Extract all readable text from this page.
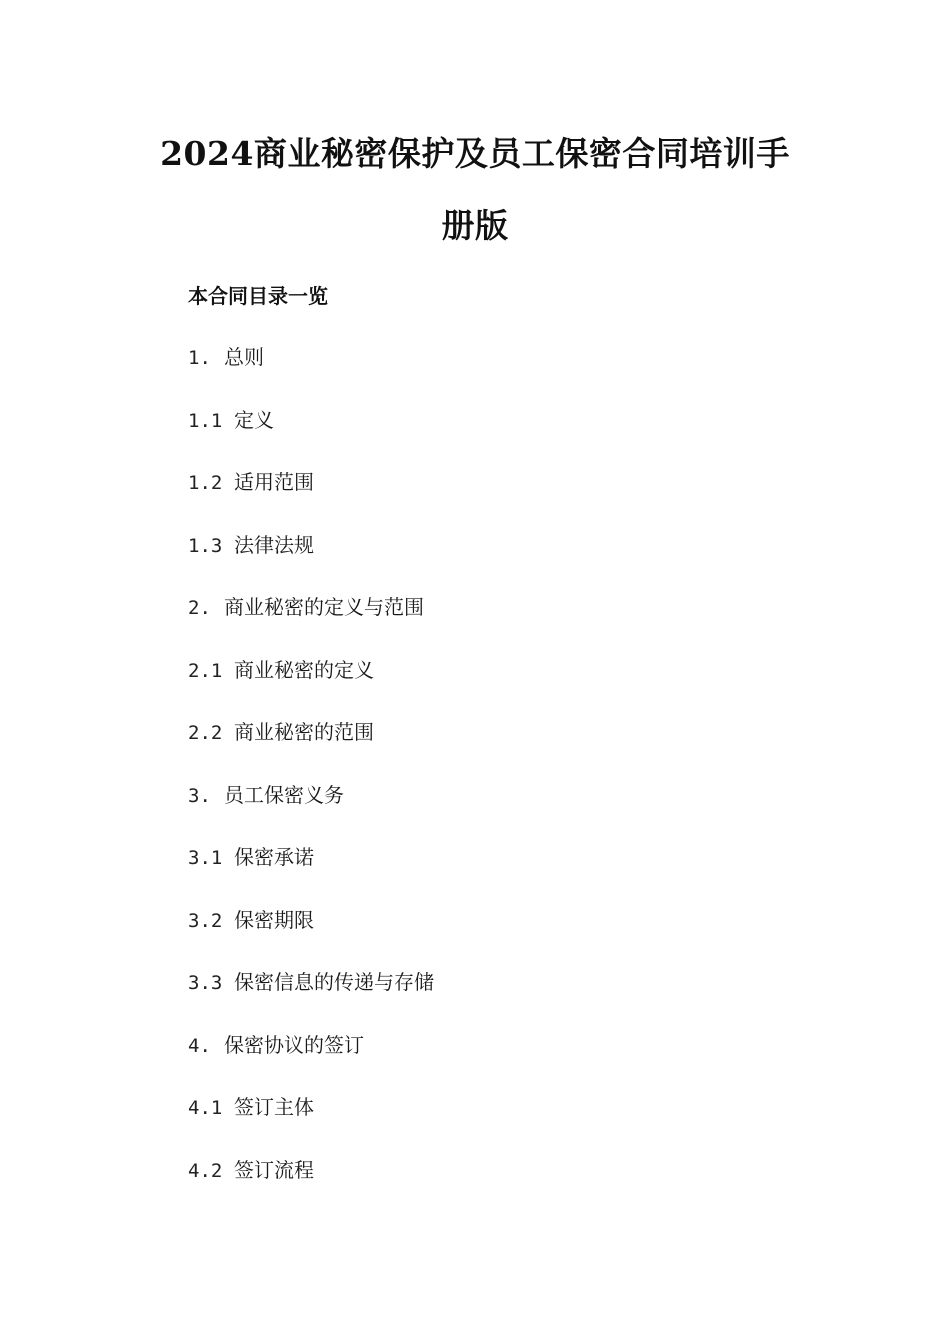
2024商业秘密保护及员工保密合同培训手
册版
本合同目录一览
1. 总则
1.1 定义
1.2 适用范围
1.3 法律法规
2. 商业秘密的定义与范围
2.1 商业秘密的定义
2.2 商业秘密的范围
3. 员工保密义务
3.1 保密承诺
3.2 保密期限
3.3 保密信息的传递与存储
4. 保密协议的签订
4.1 签订主体
4.2 签订流程
